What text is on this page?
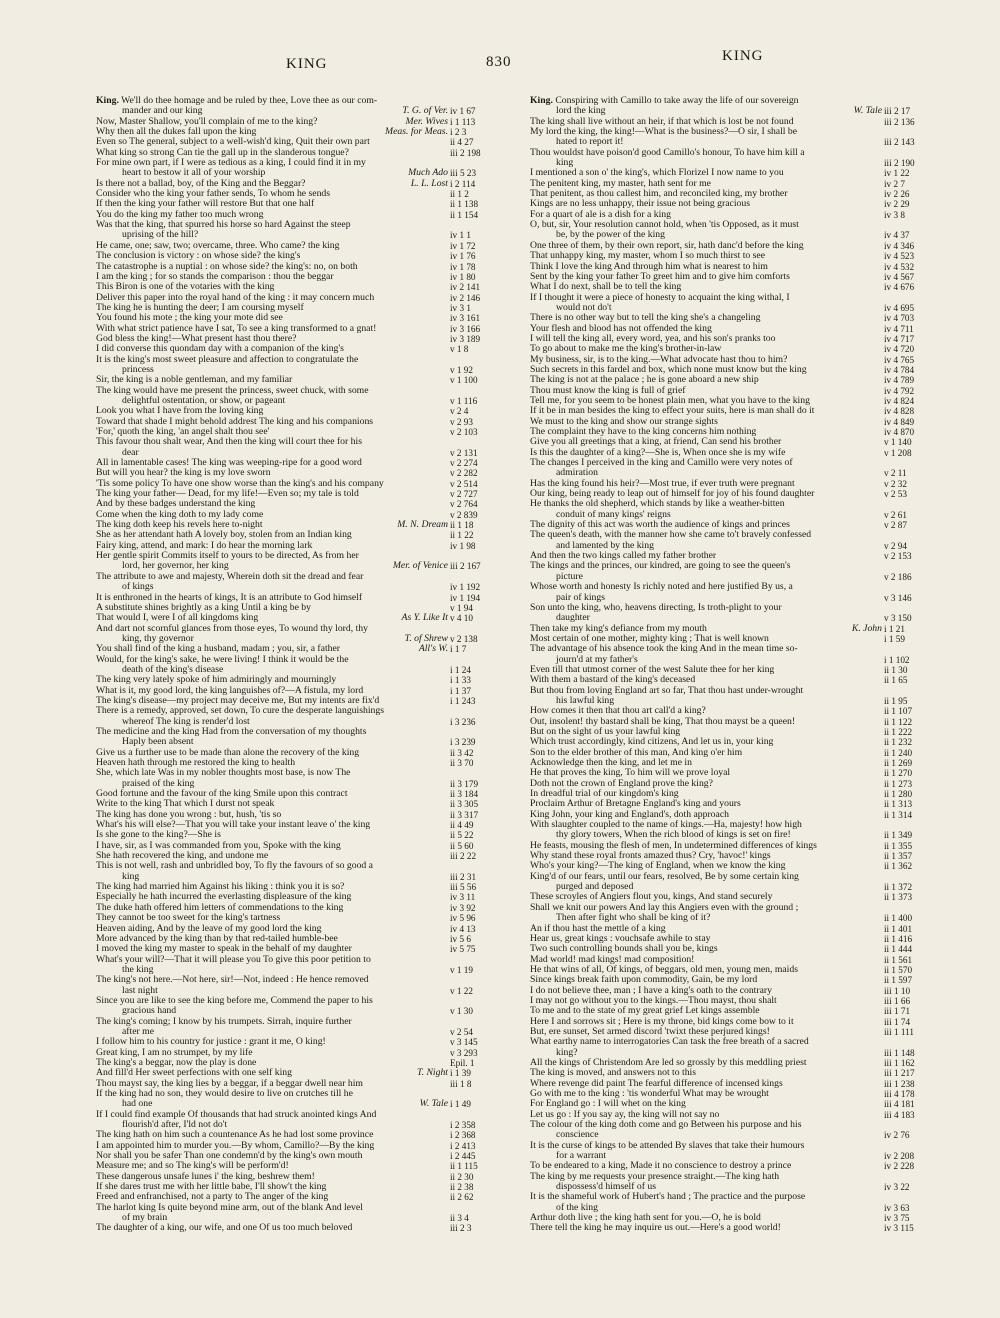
KING	830	KING
King. We'll do thee homage and be ruled by thee, Love thee as our com-
mander and our king	T. G. of Ver. iv 1 67
Now, Master Shallow, you'll complain of me to the king?	Mer. Wives i 1 113
Why then all the dukes fall upon the king	Meas. for Meas. i 2 3
Even so The general, subject to a well-wish'd king, Quit their own part	ii 4 27
What king so strong Can tie the gall up in the slanderous tongue?	iii 2 198
For mine own part, if I were as tedious as a king, I could find it in my
heart to bestow it all of your worship	Much Ado iii 5 23
Is there not a ballad, boy, of the King and the Beggar?	L. L. Lost i 2 114
Consider who the king your father sends, To whom he sends	ii 1 2
If then the king your father will restore But that one half	ii 1 138
You do the king my father too much wrong	ii 1 154
Was that the king, that spurred his horse so hard Against the steep
uprising of the hill?	iv 1 1
He came, one; saw, two; overcame, three. Who came? the king	iv 1 72
The conclusion is victory : on whose side? the king's	iv 1 76
The catastrophe is a nuptial : on whose side? the king's: no, on both	iv 1 78
I am the king ; for so stands the comparison : thou the beggar	iv 1 80
This Biron is one of the votaries with the king	iv 2 141
Deliver this paper into the royal hand of the king : it may concern much	iv 2 146
The king he is hunting the deer; I am coursing myself	iv 3 1
You found his mote ; the king your mote did see	iv 3 161
With what strict patience have I sat, To see a king transformed to a gnat!	iv 3 166
God bless the king!—What present hast thou there?	iv 3 189
I did converse this quondam day with a companion of the king's	v 1 8
It is the king's most sweet pleasure and affection to congratulate the
princess	v 1 92
Sir, the king is a noble gentleman, and my familiar	v 1 100
The king would have me present the princess, sweet chuck, with some
delightful ostentation, or show, or pageant	v 1 116
Look you what I have from the loving king	v 2 4
Toward that shade I might behold addrest The king and his companions	v 2 93
'For,' quoth the king, 'an angel shalt thou see'	v 2 103
This favour thou shalt wear, And then the king will court thee for his
dear	v 2 131
All in lamentable cases! The king was weeping-ripe for a good word	v 2 274
But will you hear? the king is my love sworn	v 2 282
'Tis some policy To have one show worse than the king's and his company	v 2 514
The king your father— Dead, for my life!—Even so; my tale is told	v 2 727
And by these badges understand the king	v 2 764
Come when the king doth to my lady come	v 2 839
The king doth keep his revels here to-night	M. N. Dream ii 1 18
She as her attendant hath A lovely boy, stolen from an Indian king	ii 1 22
Fairy king, attend, and mark: I do hear the morning lark	iv 1 98
Her gentle spirit Commits itself to yours to be directed, As from her
lord, her governor, her king	Mer. of Venice iii 2 167
The attribute to awe and majesty, Wherein doth sit the dread and fear
of kings	iv 1 192
It is enthroned in the hearts of kings, It is an attribute to God himself	iv 1 194
A substitute shines brightly as a king Until a king be by	v 1 94
That would I, were I of all kingdoms king	As Y. Like It v 4 10
And dart not scornful glances from those eyes, To wound thy lord, thy
king, thy governor	T. of Shrew v 2 138
You shall find of the king a husband, madam ; you, sir, a father	All's W. i 1 7
Would, for the king's sake, he were living! I think it would be the
death of the king's disease	i 1 24
The king very lately spoke of him admiringly and mourningly	i 1 33
What is it, my good lord, the king languishes of?—A fistula, my lord	i 1 37
The king's disease—my project may deceive me, But my intents are fix'd	i 1 243
There is a remedy, approved, set down, To cure the desperate languishings
whereof The king is render'd lost	i 3 236
The medicine and the king Had from the conversation of my thoughts
Haply been absent	i 3 239
Give us a further use to be made than alone the recovery of the king	ii 3 42
Heaven hath through me restored the king to health	ii 3 70
She, which late Was in my nobler thoughts most base, is now The
praised of the king	ii 3 179
Good fortune and the favour of the king Smile upon this contract	ii 3 184
Write to the king That which I durst not speak	ii 3 305
The king has done you wrong : but, hush, 'tis so	ii 3 317
What's his will else?—That you will take your instant leave o' the king	ii 4 49
Is she gone to the king?—She is	ii 5 22
I have, sir, as I was commanded from you, Spoke with the king	ii 5 60
She hath recovered the king, and undone me	iii 2 22
This is not well, rash and unbridled boy, To fly the favours of so good a
king	iii 2 31
The king had married him Against his liking : think you it is so?	iii 5 56
Especially he hath incurred the everlasting displeasure of the king	iv 3 11
The duke hath offered him letters of commendations to the king	iv 3 92
They cannot be too sweet for the king's tartness	iv 5 96
Heaven aiding, And by the leave of my good lord the king	iv 4 13
More advanced by the king than by that red-tailed humble-bee	iv 5 6
I moved the king my master to speak in the behalf of my daughter	iv 5 75
What's your will?—That it will please you To give this poor petition to
the king	v 1 19
The king's not here.—Not here, sir!—Not, indeed : He hence removed
last night	v 1 22
Since you are like to see the king before me, Commend the paper to his
gracious hand	v 1 30
The king's coming; I know by his trumpets. Sirrah, inquire further
after me	v 2 54
I follow him to his country for justice : grant it me, O king!	v 3 145
Great king, I am no strumpet, by my life	v 3 293
The king's a beggar, now the play is done	Epil. 1
And fill'd Her sweet perfections with one self king	T. Night i 1 39
Thou mayst say, the king lies by a beggar, if a beggar dwell near him	iii 1 8
If the king had no son, they would desire to live on crutches till he
had one	W. Tale i 1 49
If I could find example Of thousands that had struck anointed kings And
flourish'd after, I'ld not do't	i 2 358
The king hath on him such a countenance As he had lost some province	i 2 368
I am appointed him to murder you.—By whom, Camillo?—By the king	i 2 413
Nor shall you be safer Than one condemn'd by the king's own mouth	i 2 445
Measure me; and so The king's will be perform'd!	ii 1 115
These dangerous unsafe lunes i' the king, beshrew them!	ii 2 30
If she dares trust me with her little babe, I'll show't the king	ii 2 38
Freed and enfranchised, not a party to The anger of the king	ii 2 62
The harlot king Is quite beyond mine arm, out of the blank And level
of my brain	ii 3 4
The daughter of a king, our wife, and one Of us too much beloved	iii 2 3
King. Conspiring with Camillo to take away the life of our sovereign
lord the king	W. Tale iii 2 17
The king shall live without an heir, if that which is lost be not found	iii 2 136
My lord the king, the king!—What is the business?—O sir, I shall be
hated to report it!	iii 2 143
Thou wouldst have poison'd good Camillo's honour, To have him kill a
king	iii 2 190
I mentioned a son o' the king's, which Florizel I now name to you	iv 1 22
The penitent king, my master, hath sent for me	iv 2 7
That penitent, as thou callest him, and reconciled king, my brother	iv 2 26
Kings are no less unhappy, their issue not being gracious	iv 2 29
For a quart of ale is a dish for a king	iv 3 8
O, but, sir, Your resolution cannot hold, when 'tis Opposed, as it must
be, by the power of the king	iv 4 37
One three of them, by their own report, sir, hath danc'd before the king	iv 4 346
That unhappy king, my master, whom I so much thirst to see	iv 4 523
Think I love the king And through him what is nearest to him	iv 4 532
Sent by the king your father To greet him and to give him comforts	iv 4 567
What I do next, shall be to tell the king	iv 4 676
If I thought it were a piece of honesty to acquaint the king withal, I
would not do't	iv 4 695
There is no other way but to tell the king she's a changeling	iv 4 703
Your flesh and blood has not offended the king	iv 4 711
I will tell the king all, every word, yea, and his son's pranks too	iv 4 717
To go about to make me the king's brother-in-law	iv 4 720
My business, sir, is to the king.—What advocate hast thou to him?	iv 4 765
Such secrets in this fardel and box, which none must know but the king	iv 4 784
The king is not at the palace ; he is gone aboard a new ship	iv 4 789
Thou must know the king is full of grief	iv 4 792
Tell me, for you seem to be honest plain men, what you have to the king	iv 4 824
If it be in man besides the king to effect your suits, here is man shall do it	iv 4 828
We must to the king and show our strange sights	iv 4 849
The complaint they have to the king concerns him nothing	iv 4 870
Give you all greetings that a king, at friend, Can send his brother	v 1 140
Is this the daughter of a king?—She is, When once she is my wife	v 1 208
The changes I perceived in the king and Camillo were very notes of
admiration	v 2 11
Has the king found his heir?—Most true, if ever truth were pregnant	v 2 32
Our king, being ready to leap out of himself for joy of his found daughter	v 2 53
He thanks the old shepherd, which stands by like a weather-bitten
conduit of many kings' reigns	v 2 61
The dignity of this act was worth the audience of kings and princes	v 2 87
The queen's death, with the manner how she came to't bravely confessed
and lamented by the king	v 2 94
And then the two kings called my father brother	v 2 153
The kings and the princes, our kindred, are going to see the queen's
picture	v 2 186
Whose worth and honesty Is richly noted and here justified By us, a
pair of kings	v 3 146
Son unto the king, who, heavens directing, Is troth-plight to your
daughter	v 3 150
Then take my king's defiance from my mouth	K. John i 1 21
Most certain of one mother, mighty king ; That is well known	i 1 59
The advantage of his absence took the king And in the mean time so-
journ'd at my father's	i 1 102
Even till that utmost corner of the west Salute thee for her king	ii 1 30
With them a bastard of the king's deceased	ii 1 65
But thou from loving England art so far, That thou hast under-wrought
his lawful king	ii 1 95
How comes it then that thou art call'd a king?	ii 1 107
Out, insolent! thy bastard shall be king, That thou mayst be a queen!	ii 1 122
But on the sight of us your lawful king	ii 1 222
Which trust accordingly, kind citizens, And let us in, your king	ii 1 232
Son to the elder brother of this man, And king o'er him	ii 1 240
Acknowledge then the king, and let me in	ii 1 269
He that proves the king, To him will we prove loyal	ii 1 270
Doth not the crown of England prove the king?	ii 1 273
In dreadful trial of our kingdom's king	ii 1 280
Proclaim Arthur of Bretagne England's king and yours	ii 1 313
King John, your king and England's, doth approach	ii 1 314
With slaughter coupled to the name of kings.—Ha, majesty! how high
thy glory towers, When the rich blood of kings is set on fire!	ii 1 349
He feasts, mousing the flesh of men, In undetermined differences of kings	ii 1 355
Why stand these royal fronts amazed thus? Cry, 'havoc!' kings	ii 1 357
Who's your king?—The king of England, when we know the king	ii 1 362
King'd of our fears, until our fears, resolved, Be by some certain king
purged and deposed	ii 1 372
These scroyles of Angiers flout you, kings, And stand securely	ii 1 373
Shall we knit our powers And lay this Angiers even with the ground ;
Then after fight who shall be king of it?	ii 1 400
An if thou hast the mettle of a king	ii 1 401
Hear us, great kings : vouchsafe awhile to stay	ii 1 416
Two such controlling bounds shall you be, kings	ii 1 444
Mad world! mad kings! mad composition!	ii 1 561
He that wins of all, Of kings, of beggars, old men, young men, maids	ii 1 570
Since kings break faith upon commodity, Gain, be my lord	ii 1 597
I do not believe thee, man ; I have a king's oath to the contrary	iii 1 10
I may not go without you to the kings.—Thou mayst, thou shalt	iii 1 66
To me and to the state of my great grief Let kings assemble	iii 1 71
Here I and sorrows sit ; Here is my throne, bid kings come bow to it	iii 1 74
But, ere sunset, Set armed discord 'twixt these perjured kings!	iii 1 111
What earthy name to interrogatories Can task the free breath of a sacred
king?	iii 1 148
All the kings of Christendom Are led so grossly by this meddling priest	iii 1 162
The king is moved, and answers not to this	iii 1 217
Where revenge did paint The fearful difference of incensed kings	iii 1 238
Go with me to the king : 'tis wonderful What may be wrought	iii 4 178
For England go : I will whet on the king	iii 4 181
Let us go : If you say ay, the king will not say no	iii 4 183
The colour of the king doth come and go Between his purpose and his
conscience	iv 2 76
It is the curse of kings to be attended By slaves that take their humours
for a warrant	iv 2 208
To be endeared to a king, Made it no conscience to destroy a prince	iv 2 228
The king by me requests your presence straight.—The king hath
dispossess'd himself of us	iv 3 22
It is the shameful work of Hubert's hand ; The practice and the purpose
of the king	iv 3 63
Arthur doth live ; the king hath sent for you.—O, he is bold	iv 3 75
There tell the king he may inquire us out.—Here's a good world!	iv 3 115
